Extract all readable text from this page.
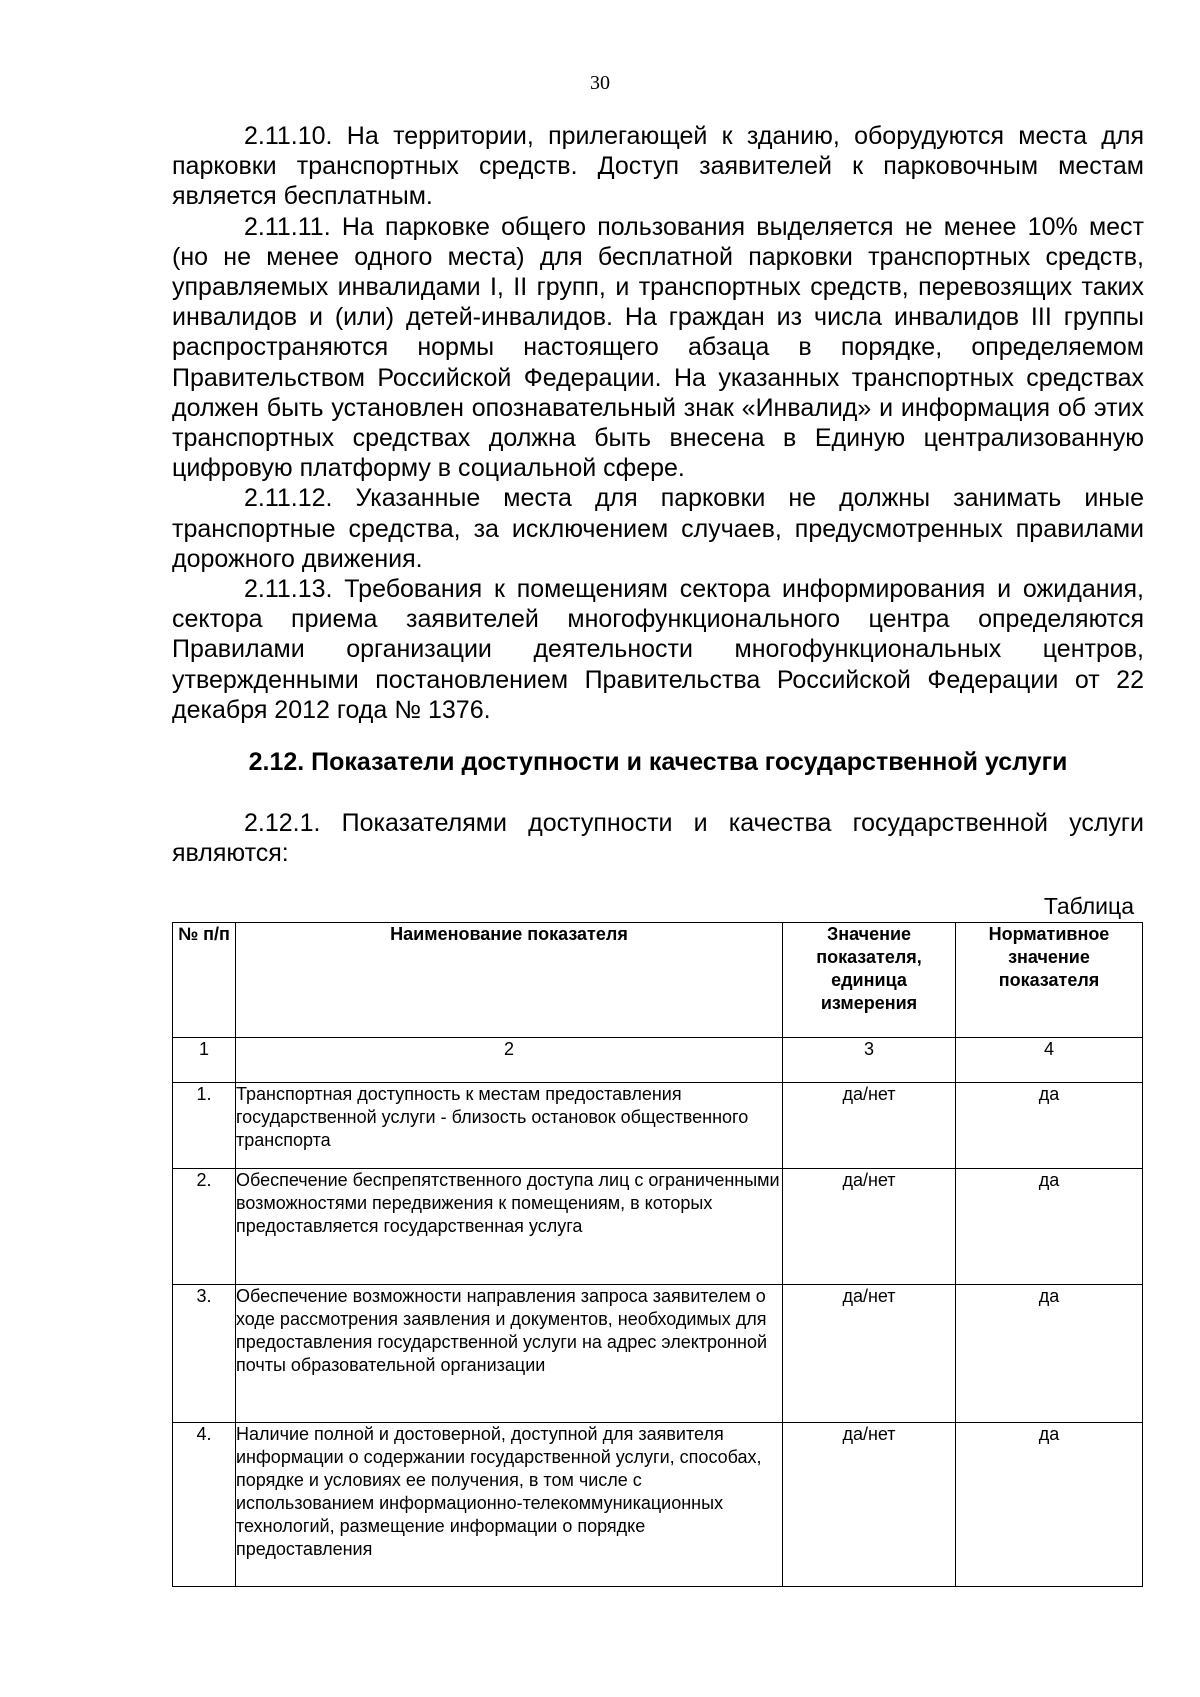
30

2.11.10. На территории, прилегающей к зданию, оборудуются места для парковки транспортных средств. Доступ заявителей к парковочным местам является бесплатным.

2.11.11. На парковке общего пользования выделяется не менее 10% мест (но не менее одного места) для бесплатной парковки транспортных средств, управляемых инвалидами I, II групп, и транспортных средств, перевозящих таких инвалидов и (или) детей-инвалидов. На граждан из числа инвалидов III группы распространяются нормы настоящего абзаца в порядке, определяемом Правительством Российской Федерации. На указанных транспортных средствах должен быть установлен опознавательный знак «Инвалид» и информация об этих транспортных средствах должна быть внесена в Единую централизованную цифровую платформу в социальной сфере.

2.11.12. Указанные места для парковки не должны занимать иные транспортные средства, за исключением случаев, предусмотренных правилами дорожного движения.

2.11.13. Требования к помещениям сектора информирования и ожидания, сектора приема заявителей многофункционального центра определяются Правилами организации деятельности многофункциональных центров, утвержденными постановлением Правительства Российской Федерации от 22 декабря 2012 года № 1376.

2.12. Показатели доступности и качества государственной услуги

2.12.1. Показателями доступности и качества государственной услуги являются:

Таблица
№ п/п	Наименование показателя	Значение показателя, единица измерения	Нормативное значение показателя
1	2	3	4
1.	Транспортная доступность к местам предоставления государственной услуги - близость остановок общественного транспорта	да/нет	да
2.	Обеспечение беспрепятственного доступа лиц с ограниченными возможностями передвижения к помещениям, в которых предоставляется государственная услуга	да/нет	да
3.	Обеспечение возможности направления запроса заявителем о ходе рассмотрения заявления и документов, необходимых для предоставления государственной услуги на адрес электронной почты образовательной организации	да/нет	да
4.	Наличие полной и достоверной, доступной для заявителя информации о содержании государственной услуги, способах, порядке и условиях ее получения, в том числе с использованием информационно-телекоммуникационных технологий, размещение информации о порядке предоставления	да/нет	да
